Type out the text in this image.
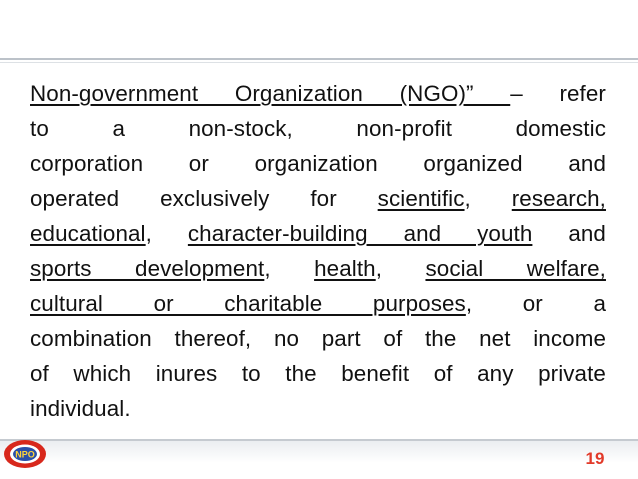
Non-government Organization (NGO)” – refer
to a non-stock, non-profit domestic
corporation or organization organized and
operated exclusively for scientific, research,
educational, character-building and youth and
sports development, health, social welfare,
cultural or charitable purposes, or a
combination thereof, no part of the net income
of which inures to the benefit of any private
individual.
NPO	19
